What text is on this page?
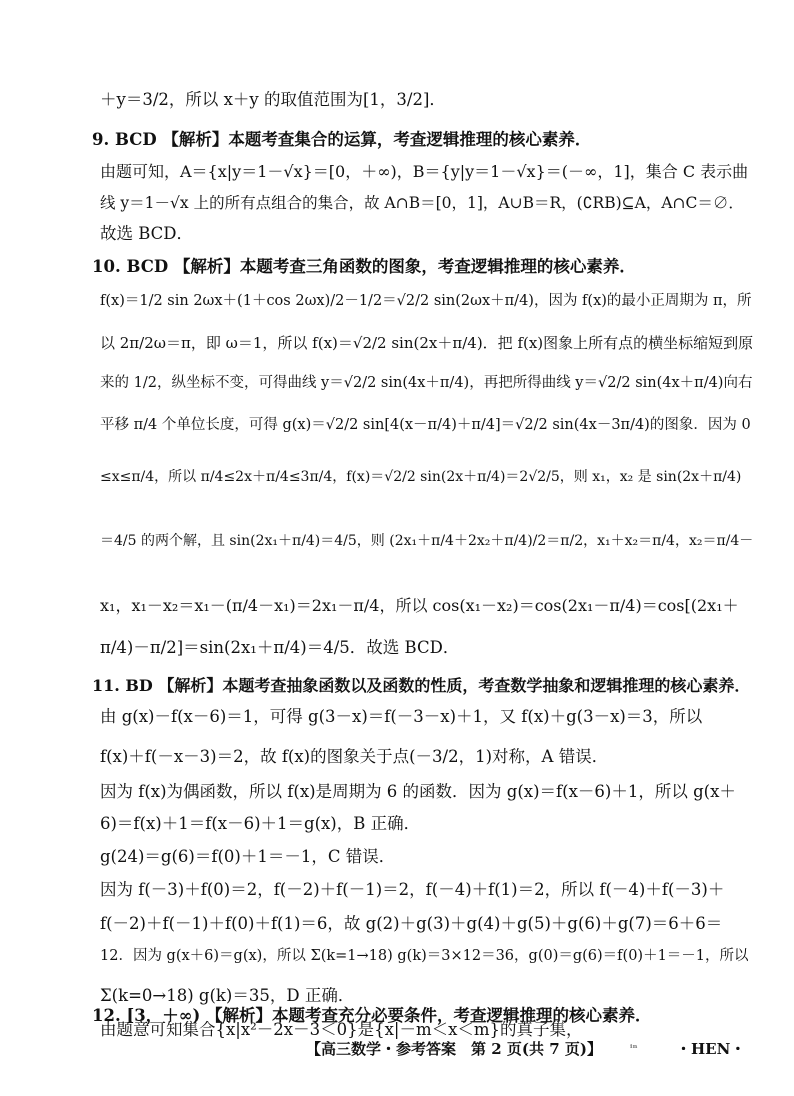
＋y＝3/2，所以 x＋y 的取值范围为[1，3/2]．
9. BCD 【解析】本题考查集合的运算，考查逻辑推理的核心素养．
由题可知，A＝{x|y＝1－√x}＝[0，＋∞)，B＝{y|y＝1－√x}＝(－∞，1]，集合 C 表示曲
线 y＝1－√x 上的所有点组合的集合，故 A∩B＝[0，1]，A∪B＝R，(∁RB)⊆A，A∩C＝∅．
故选 BCD．
10. BCD 【解析】本题考查三角函数的图象，考查逻辑推理的核心素养．
f(x)＝1/2 sin 2ωx＋(1＋cos 2ωx)/2－1/2＝√2/2 sin(2ωx＋π/4)，因为 f(x)的最小正周期为 π，所
以 2π/2ω＝π，即 ω＝1，所以 f(x)＝√2/2 sin(2x＋π/4)．把 f(x)图象上所有点的横坐标缩短到原
来的 1/2，纵坐标不变，可得曲线 y＝√2/2 sin(4x＋π/4)，再把所得曲线 y＝√2/2 sin(4x＋π/4)向右
平移 π/4 个单位长度，可得 g(x)＝√2/2 sin[4(x－π/4)＋π/4]＝√2/2 sin(4x－3π/4)的图象．因为 0
≤x≤π/4，所以 π/4≤2x＋π/4≤3π/4，f(x)＝√2/2 sin(2x＋π/4)＝2√2/5，则 x₁，x₂ 是 sin(2x＋π/4)
＝4/5 的两个解，且 sin(2x₁＋π/4)＝4/5，则 (2x₁＋π/4＋2x₂＋π/4)/2＝π/2，x₁＋x₂＝π/4，x₂＝π/4－
x₁，x₁－x₂＝x₁－(π/4－x₁)＝2x₁－π/4，所以 cos(x₁－x₂)＝cos(2x₁－π/4)＝cos[(2x₁＋
π/4)－π/2]＝sin(2x₁＋π/4)＝4/5．故选 BCD．
11. BD 【解析】本题考查抽象函数以及函数的性质，考查数学抽象和逻辑推理的核心素养．
由 g(x)－f(x－6)＝1，可得 g(3－x)＝f(－3－x)＋1，又 f(x)＋g(3－x)＝3，所以
f(x)＋f(－x－3)＝2，故 f(x)的图象关于点(－3/2，1)对称，A 错误．
因为 f(x)为偶函数，所以 f(x)是周期为 6 的函数．因为 g(x)＝f(x－6)＋1，所以 g(x＋
6)＝f(x)＋1＝f(x－6)＋1＝g(x)，B 正确．
g(24)＝g(6)＝f(0)＋1＝－1，C 错误．
因为 f(－3)＋f(0)＝2，f(－2)＋f(－1)＝2，f(－4)＋f(1)＝2，所以 f(－4)＋f(－3)＋
f(－2)＋f(－1)＋f(0)＋f(1)＝6，故 g(2)＋g(3)＋g(4)＋g(5)＋g(6)＋g(7)＝6＋6＝
12．因为 g(x＋6)＝g(x)，所以 Σ(k=1→18) g(k)＝3×12＝36，g(0)＝g(6)＝f(0)＋1＝－1，所以
Σ(k=0→18) g(k)＝35，D 正确．
12. [3，＋∞) 【解析】本题考查充分必要条件，考查逻辑推理的核心素养．
由题意可知集合{x|x²－2x－3＜0}是{x|－m＜x＜m}的真子集，
【高三数学・参考答案　第 2 页(共 7 页)】	ᵢₙ	・HEN・
